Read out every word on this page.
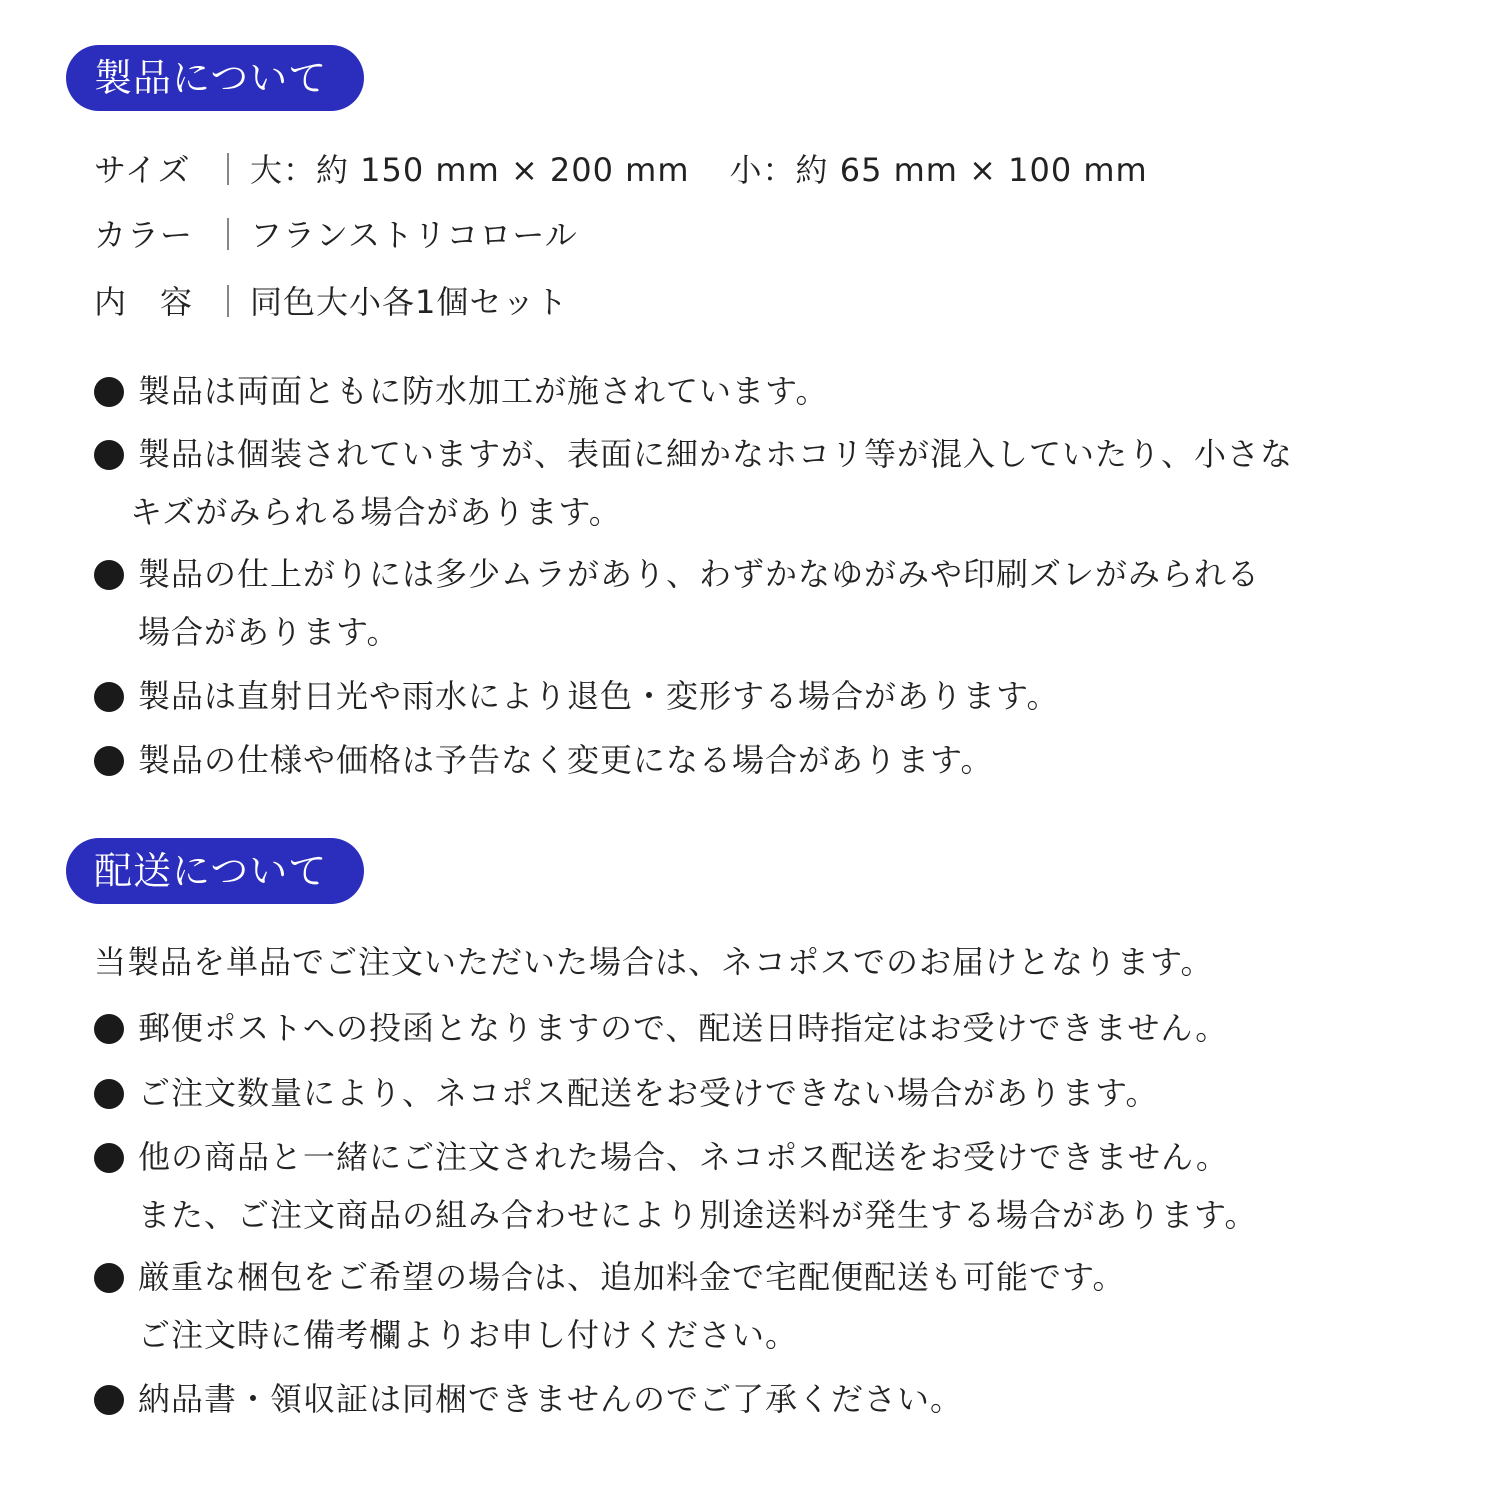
製品について
サイズ ｜ 大：約 150 mm × 200 mm 小：約 65 mm × 100 mm
カラー ｜ フランストリコロール
内　容 ｜ 同色大小各1個セット
製品は両面ともに防水加工が施されています。
製品は個装されていますが、表面に細かなホコリ等が混入していたり、小さな
キズがみられる場合があります。
製品の仕上がりには多少ムラがあり、わずかなゆがみや印刷ズレがみられる
場合があります。
製品は直射日光や雨水により退色・変形する場合があります。
製品の仕様や価格は予告なく変更になる場合があります。
配送について
当製品を単品でご注文いただいた場合は、ネコポスでのお届けとなります。
郵便ポストへの投函となりますので、配送日時指定はお受けできません。
ご注文数量により、ネコポス配送をお受けできない場合があります。
他の商品と一緒にご注文された場合、ネコポス配送をお受けできません。
また、ご注文商品の組み合わせにより別途送料が発生する場合があります。
厳重な梱包をご希望の場合は、追加料金で宅配便配送も可能です。
ご注文時に備考欄よりお申し付けください。
納品書・領収証は同梱できませんのでご了承ください。
